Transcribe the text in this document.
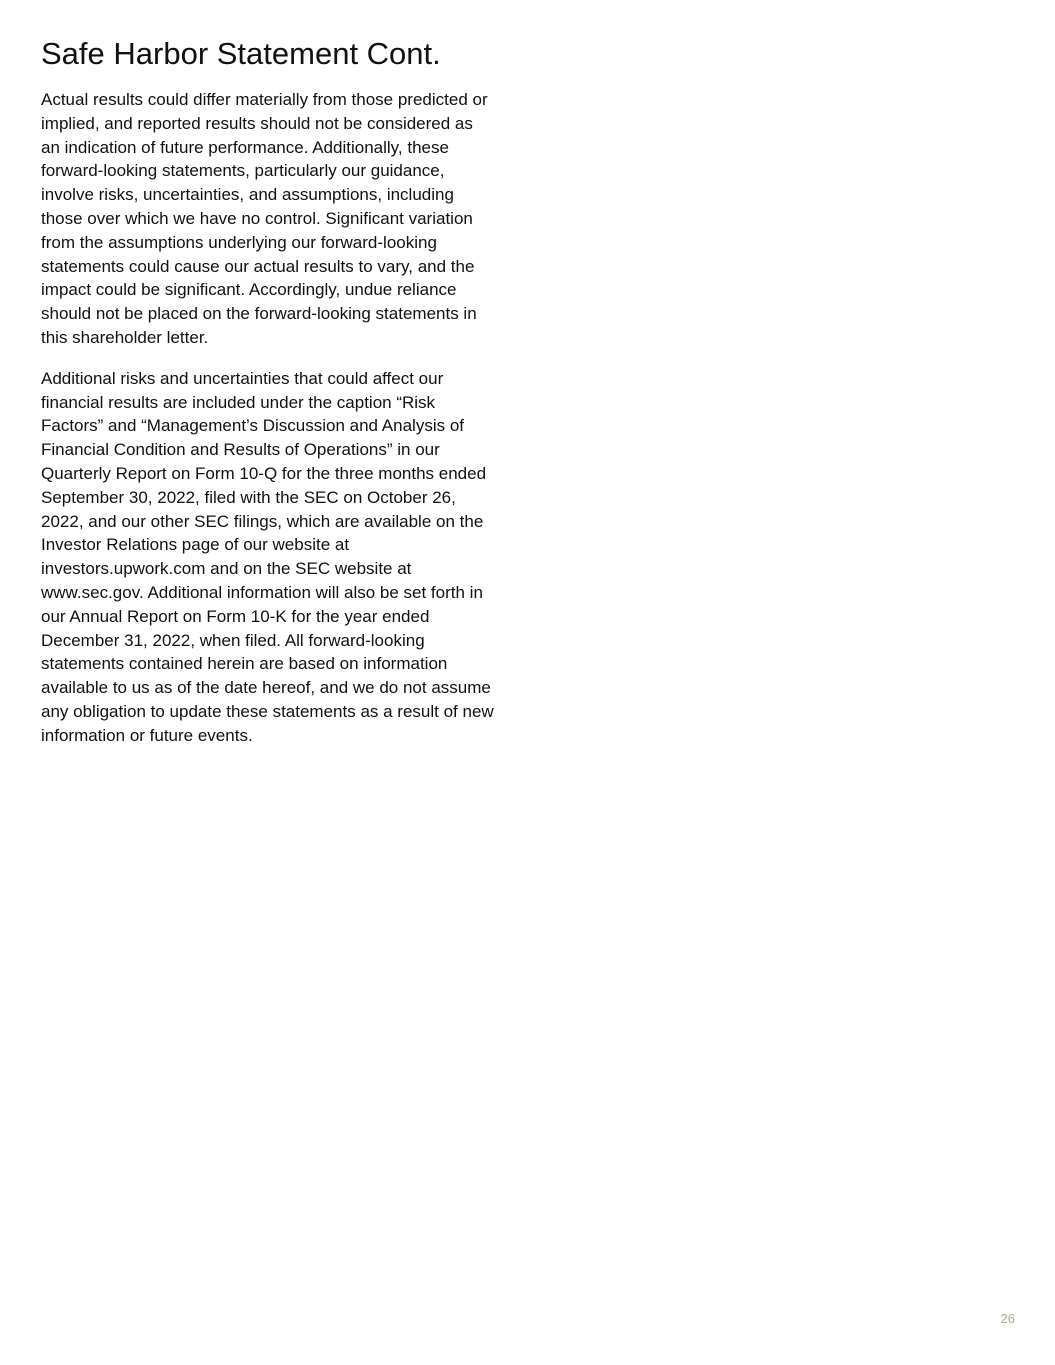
Safe Harbor Statement Cont.

Actual results could differ materially from those predicted or
implied, and reported results should not be considered as
an indication of future performance. Additionally, these
forward-looking statements, particularly our guidance,
involve risks, uncertainties, and assumptions, including
those over which we have no control. Significant variation
from the assumptions underlying our forward-looking
statements could cause our actual results to vary, and the
impact could be significant. Accordingly, undue reliance
should not be placed on the forward-looking statements in
this shareholder letter.

Additional risks and uncertainties that could affect our
financial results are included under the caption “Risk
Factors” and “Management’s Discussion and Analysis of
Financial Condition and Results of Operations” in our
Quarterly Report on Form 10-Q for the three months ended
September 30, 2022, filed with the SEC on October 26,
2022, and our other SEC filings, which are available on the
Investor Relations page of our website at
investors.upwork.com and on the SEC website at
www.sec.gov. Additional information will also be set forth in
our Annual Report on Form 10-K for the year ended
December 31, 2022, when filed. All forward-looking
statements contained herein are based on information
available to us as of the date hereof, and we do not assume
any obligation to update these statements as a result of new
information or future events.

26
